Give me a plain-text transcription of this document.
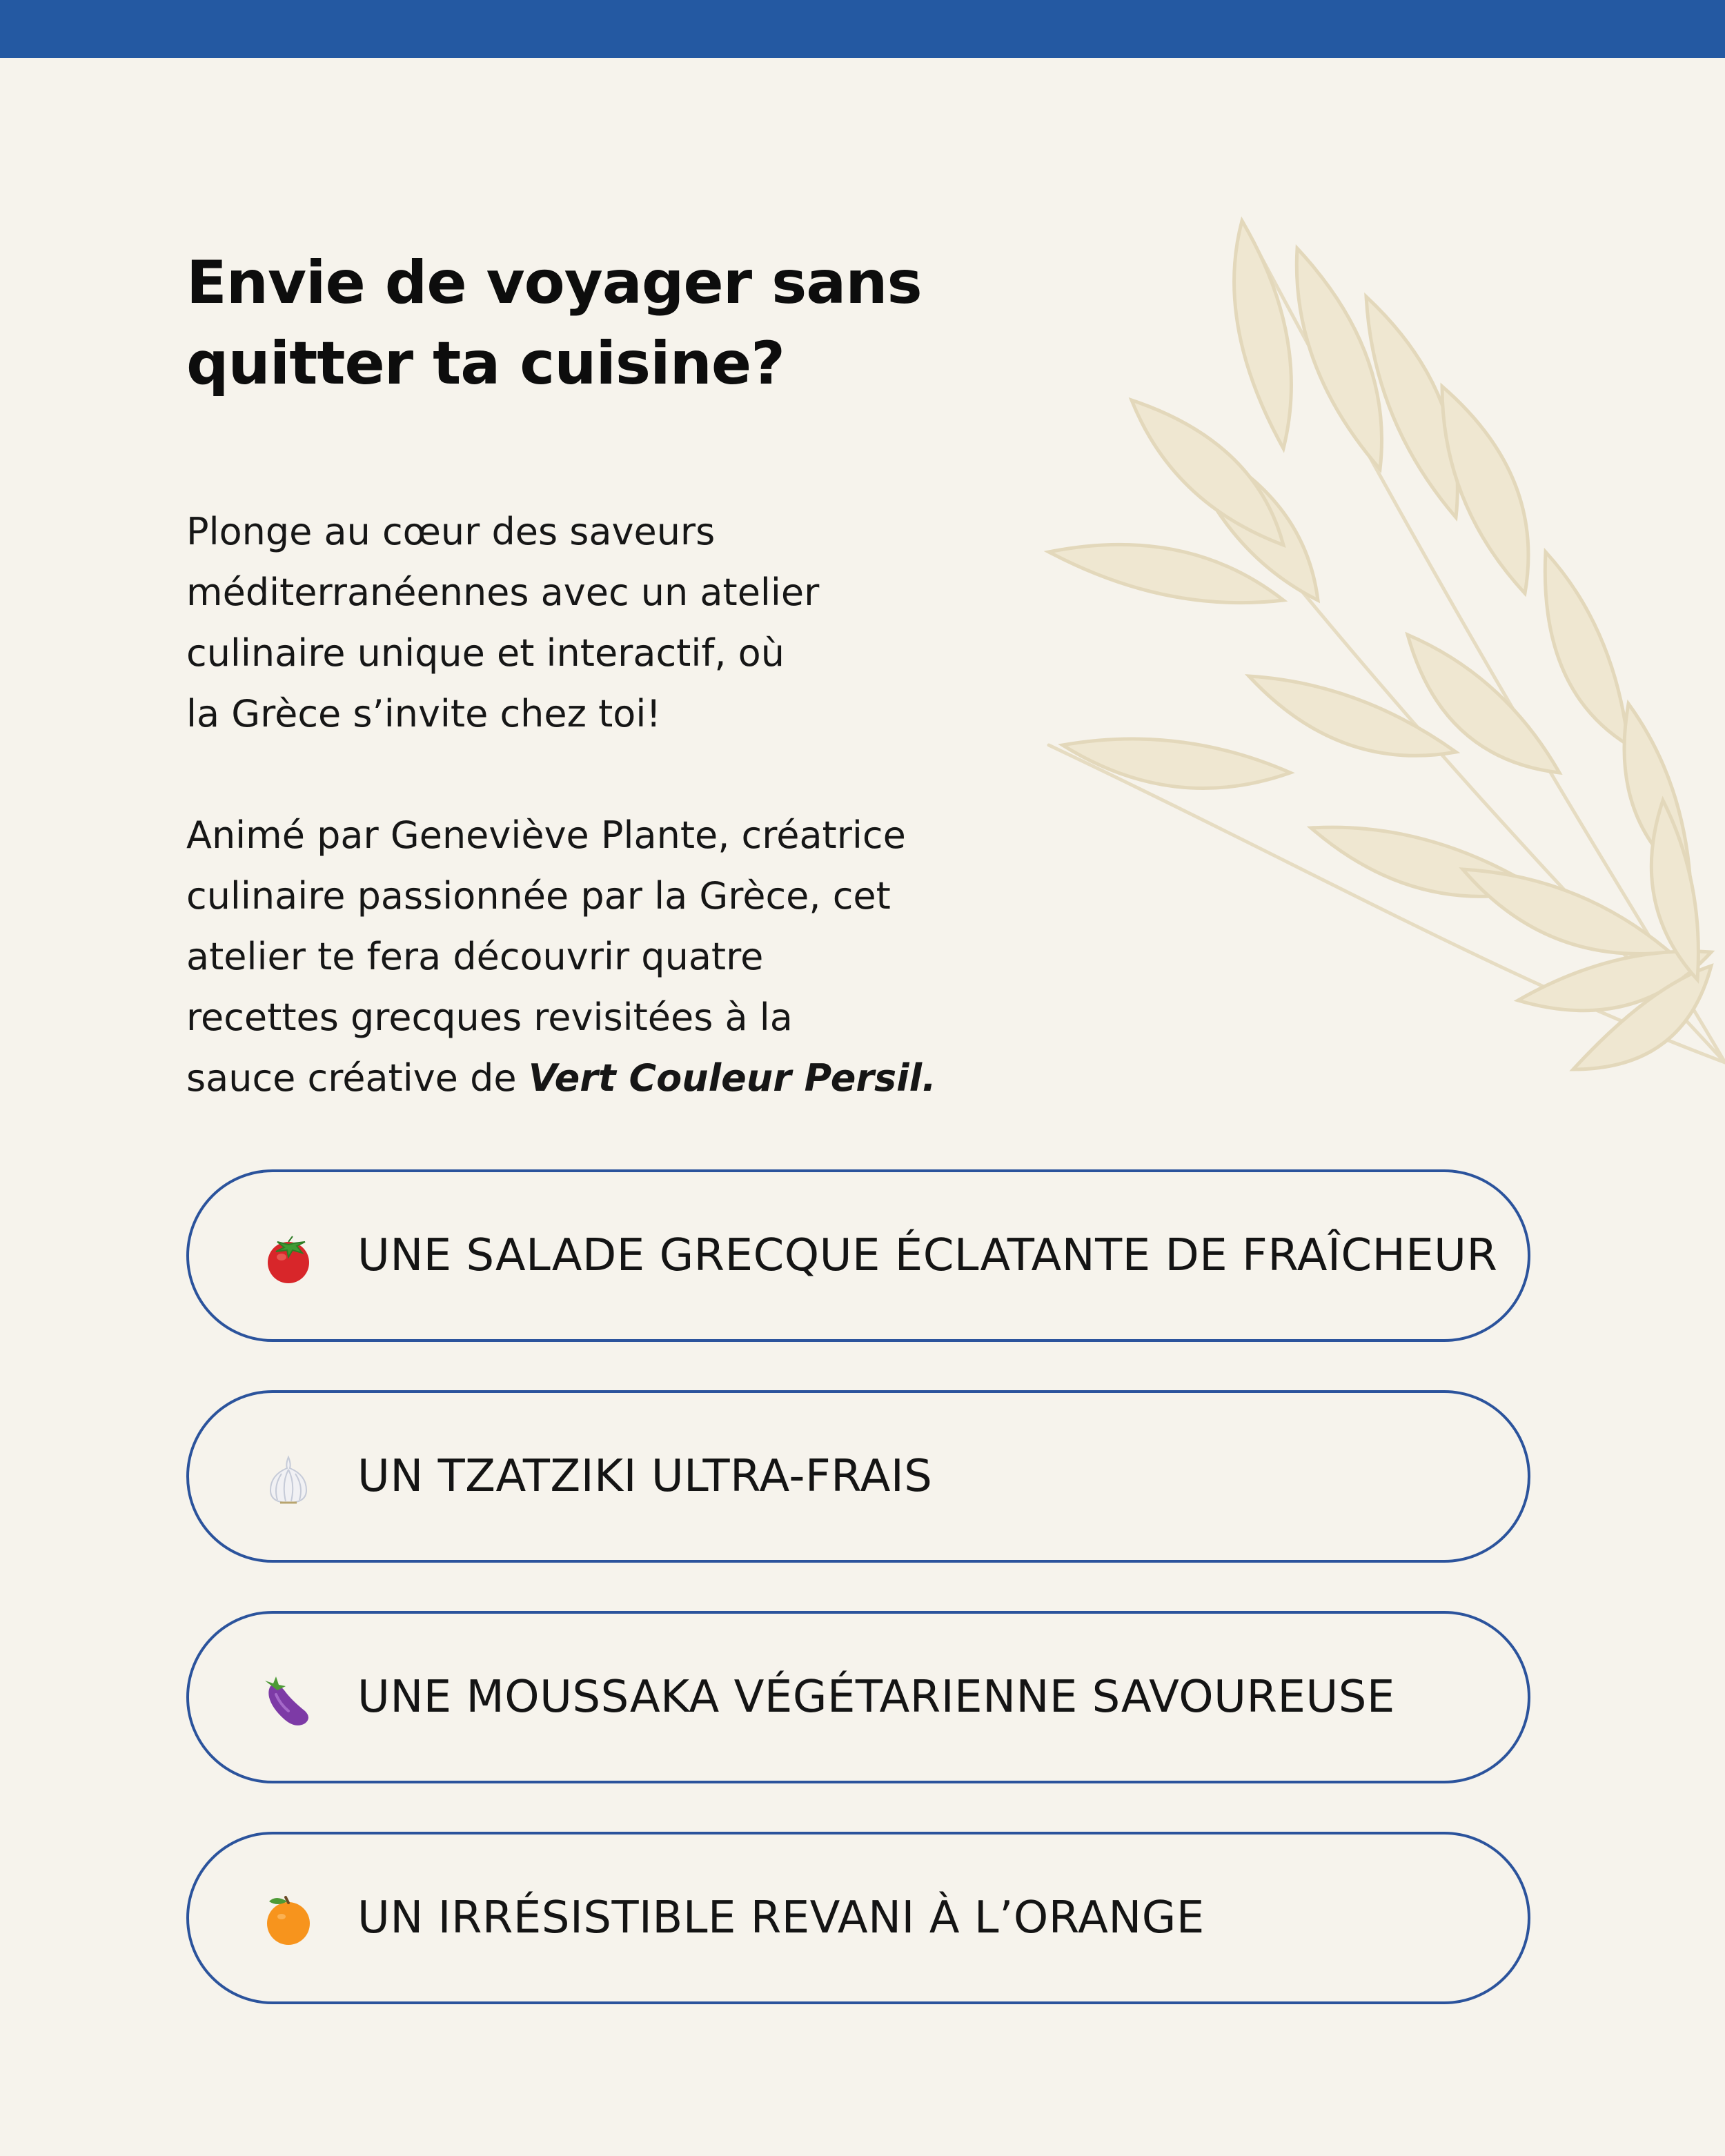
Envie de voyager sans
quitter ta cuisine?

Plonge au cœur des saveurs
méditerranéennes avec un atelier
culinaire unique et interactif, où
la Grèce s’invite chez toi!

Animé par Geneviève Plante, créatrice
culinaire passionnée par la Grèce, cet
atelier te fera découvrir quatre
recettes grecques revisitées à la
sauce créative de Vert Couleur Persil.

UNE SALADE GRECQUE ÉCLATANTE DE FRAÎCHEUR
UN TZATZIKI ULTRA-FRAIS
UNE MOUSSAKA VÉGÉTARIENNE SAVOUREUSE
UN IRRÉSISTIBLE REVANI À L’ORANGE
